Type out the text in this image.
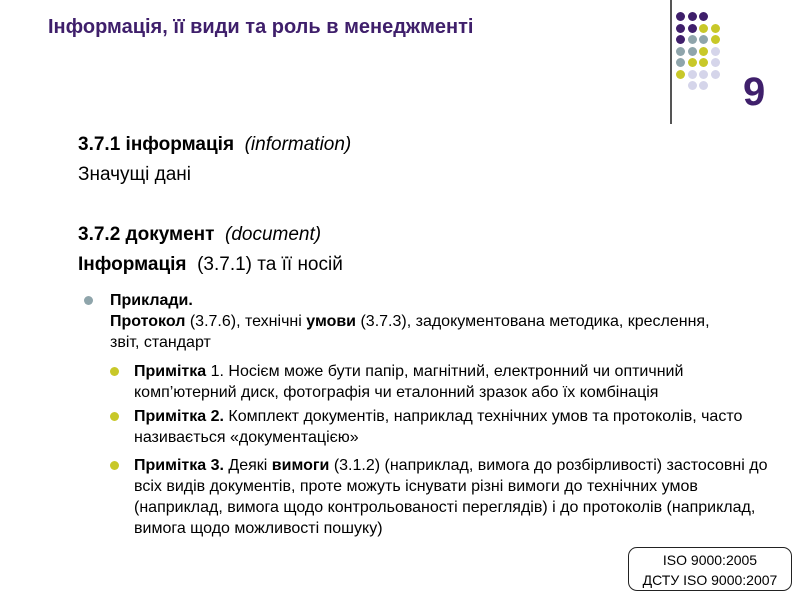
Інформація, її види та роль в менеджменті
9
3.7.1 інформація (information)
Значущі дані
3.7.2 документ (document)
Інформація (3.7.1) та її носій
Приклади.
Протокол (3.7.6), технічні умови (3.7.3), задокументована методика, креслення, звіт, стандарт
Примітка 1. Носієм може бути папір, магнітний, електронний чи оптичний комп’ютерний диск, фотографія чи еталонний зразок або їх комбінація
Примітка 2. Комплект документів, наприклад технічних умов та протоколів, часто називається «документацією»
Примітка 3. Деякі вимоги (3.1.2) (наприклад, вимога до розбірливості) застосовні до всіх видів документів, проте можуть існувати різні вимоги до технічних умов (наприклад, вимога щодо контрольованості переглядів) і до протоколів (наприклад, вимога щодо можливості пошуку)
ISO 9000:2005
ДСТУ ISO 9000:2007
